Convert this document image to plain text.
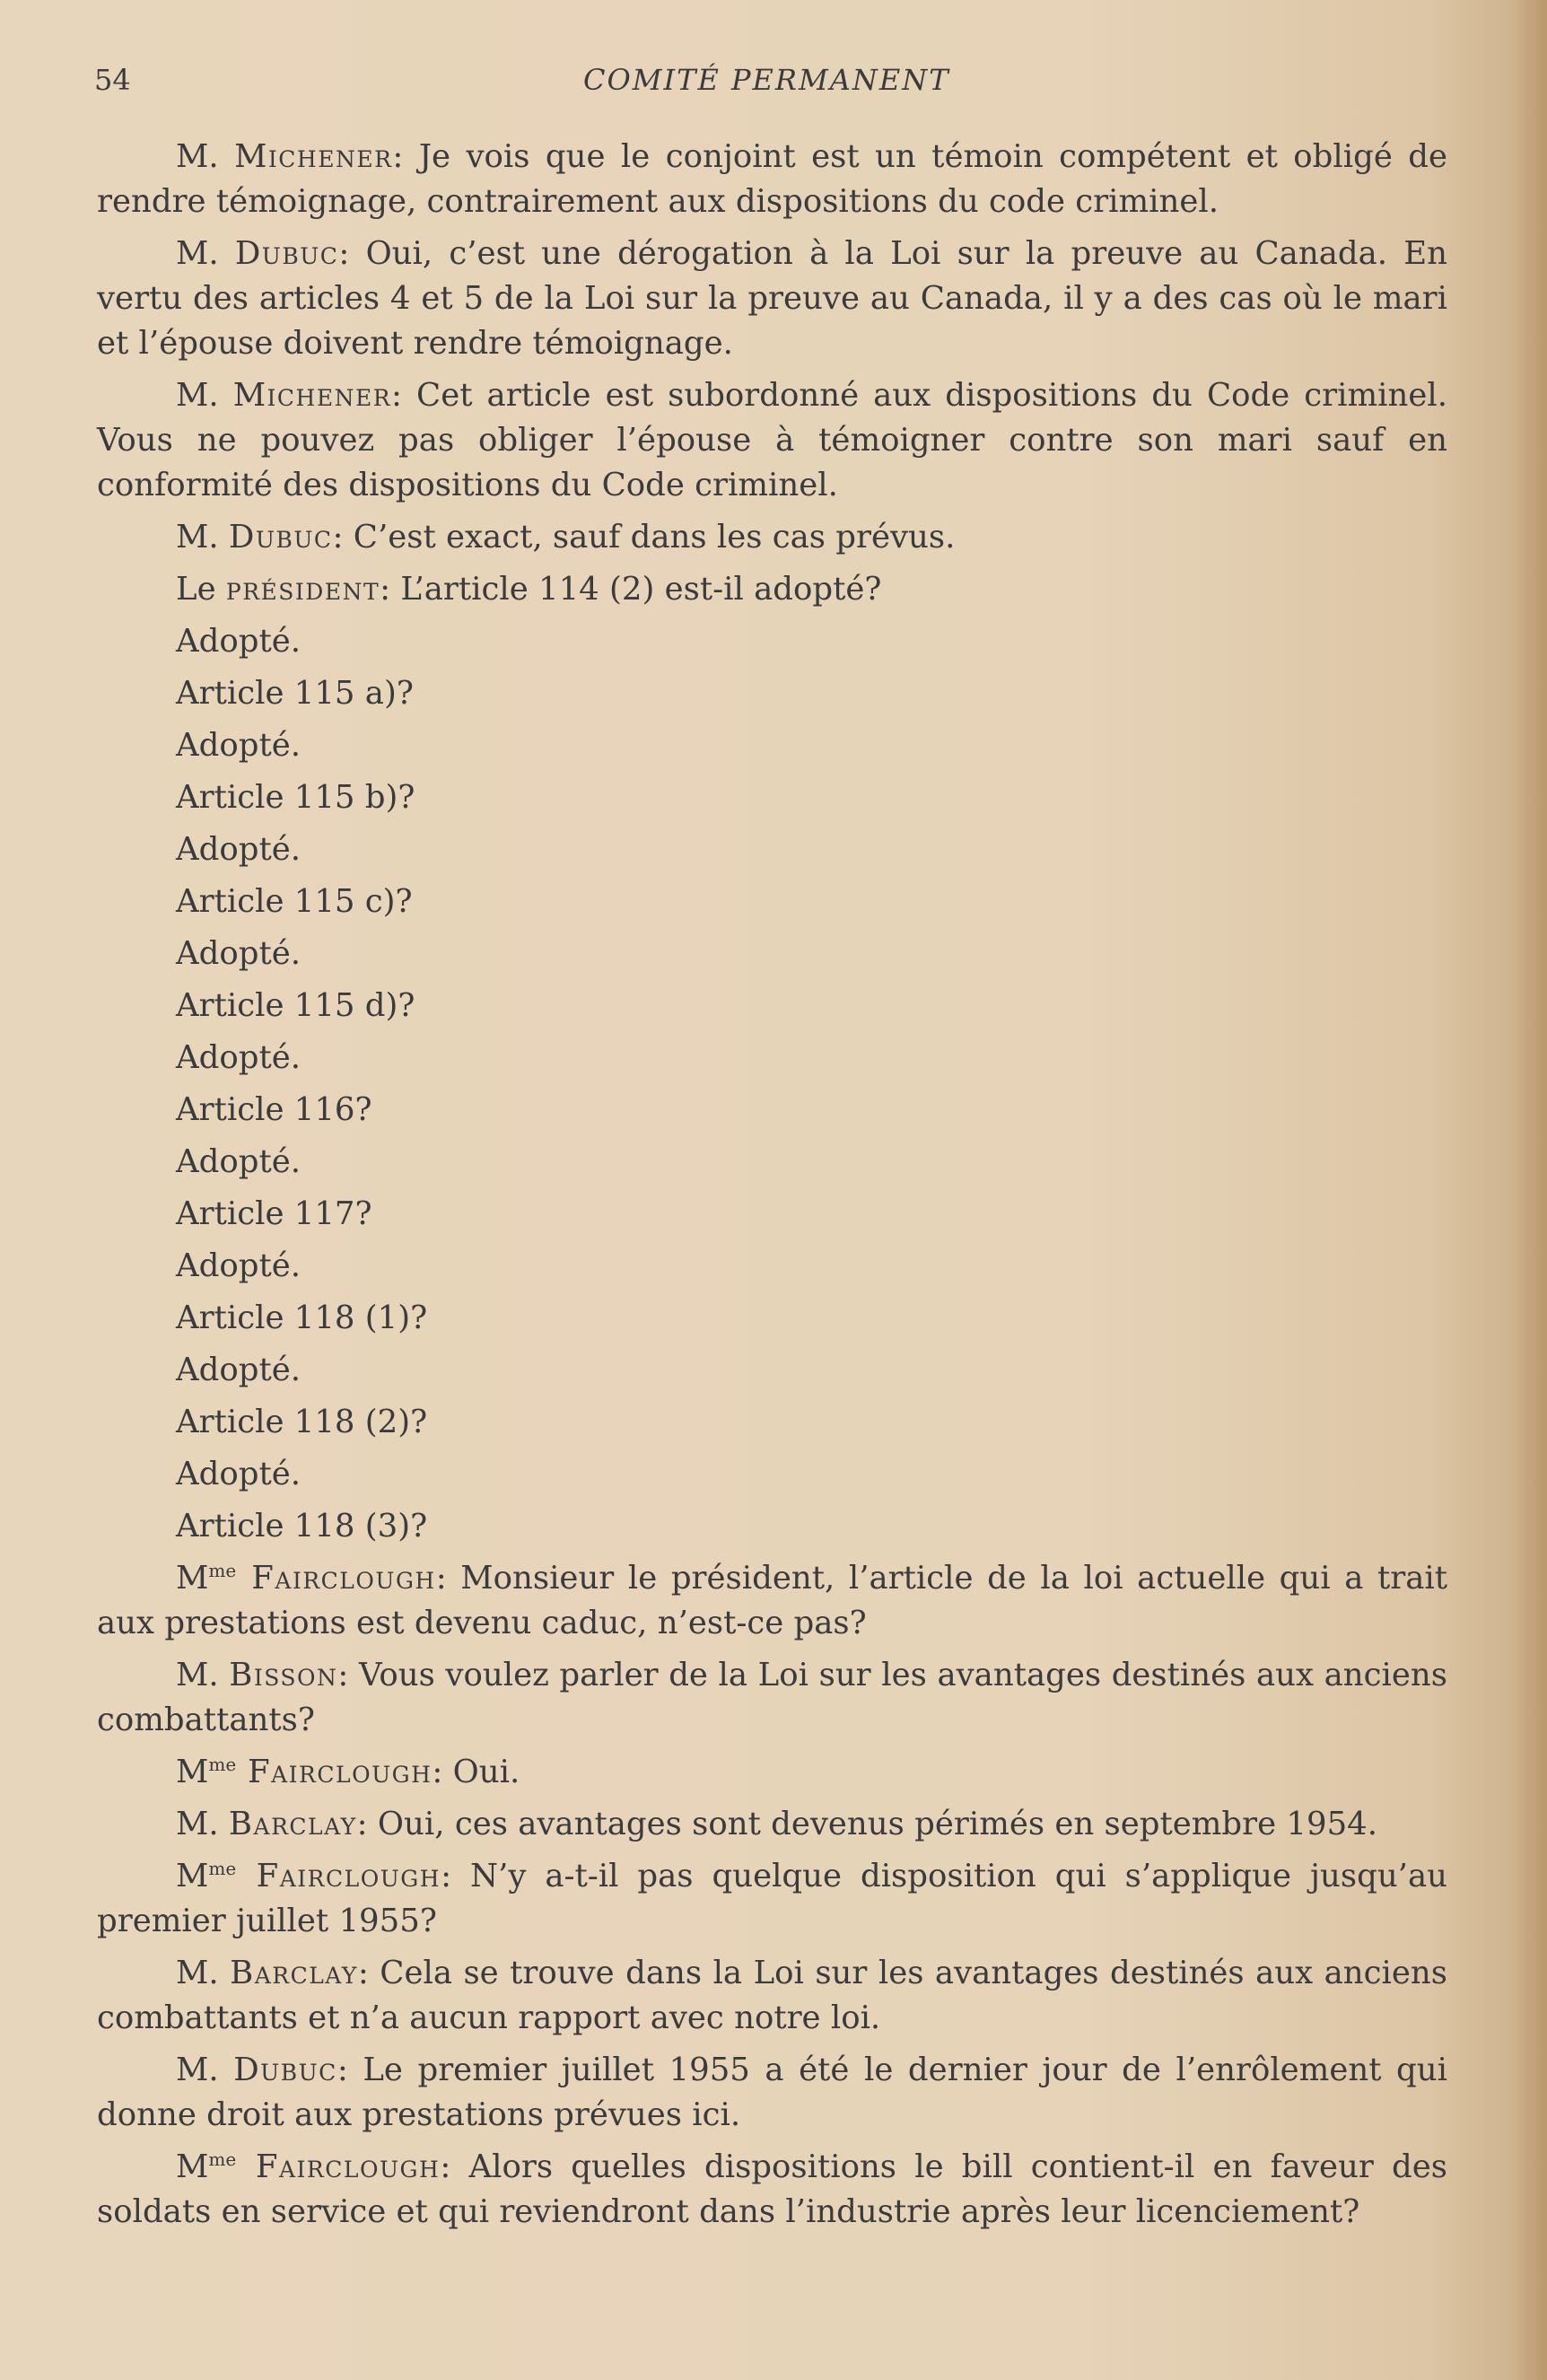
54	COMITÉ PERMANENT

M. Michener: Je vois que le conjoint est un témoin compétent et obligé de rendre témoignage, contrairement aux dispositions du code criminel.

M. Dubuc: Oui, c’est une dérogation à la Loi sur la preuve au Canada. En vertu des articles 4 et 5 de la Loi sur la preuve au Canada, il y a des cas où le mari et l’épouse doivent rendre témoignage.

M. Michener: Cet article est subordonné aux dispositions du Code criminel. Vous ne pouvez pas obliger l’épouse à témoigner contre son mari sauf en conformité des dispositions du Code criminel.

M. Dubuc: C’est exact, sauf dans les cas prévus.

Le président: L’article 114 (2) est-il adopté?

Adopté.

Article 115 a)?

Adopté.

Article 115 b)?

Adopté.

Article 115 c)?

Adopté.

Article 115 d)?

Adopté.

Article 116?

Adopté.

Article 117?

Adopté.

Article 118 (1)?

Adopté.

Article 118 (2)?

Adopté.

Article 118 (3)?

$M^{me}$ Fairclough: Monsieur le président, l’article de la loi actuelle qui a trait aux prestations est devenu caduc, n’est-ce pas?

M. Bisson: Vous voulez parler de la Loi sur les avantages destinés aux anciens combattants?

$M^{me}$ Fairclough: Oui.

M. Barclay: Oui, ces avantages sont devenus périmés en septembre 1954.

$M^{me}$ Fairclough: N’y a-t-il pas quelque disposition qui s’applique jusqu’au premier juillet 1955?

M. Barclay: Cela se trouve dans la Loi sur les avantages destinés aux anciens combattants et n’a aucun rapport avec notre loi.

M. Dubuc: Le premier juillet 1955 a été le dernier jour de l’enrôlement qui donne droit aux prestations prévues ici.

$M^{me}$ Fairclough: Alors quelles dispositions le bill contient-il en faveur des soldats en service et qui reviendront dans l’industrie après leur licenciement?
